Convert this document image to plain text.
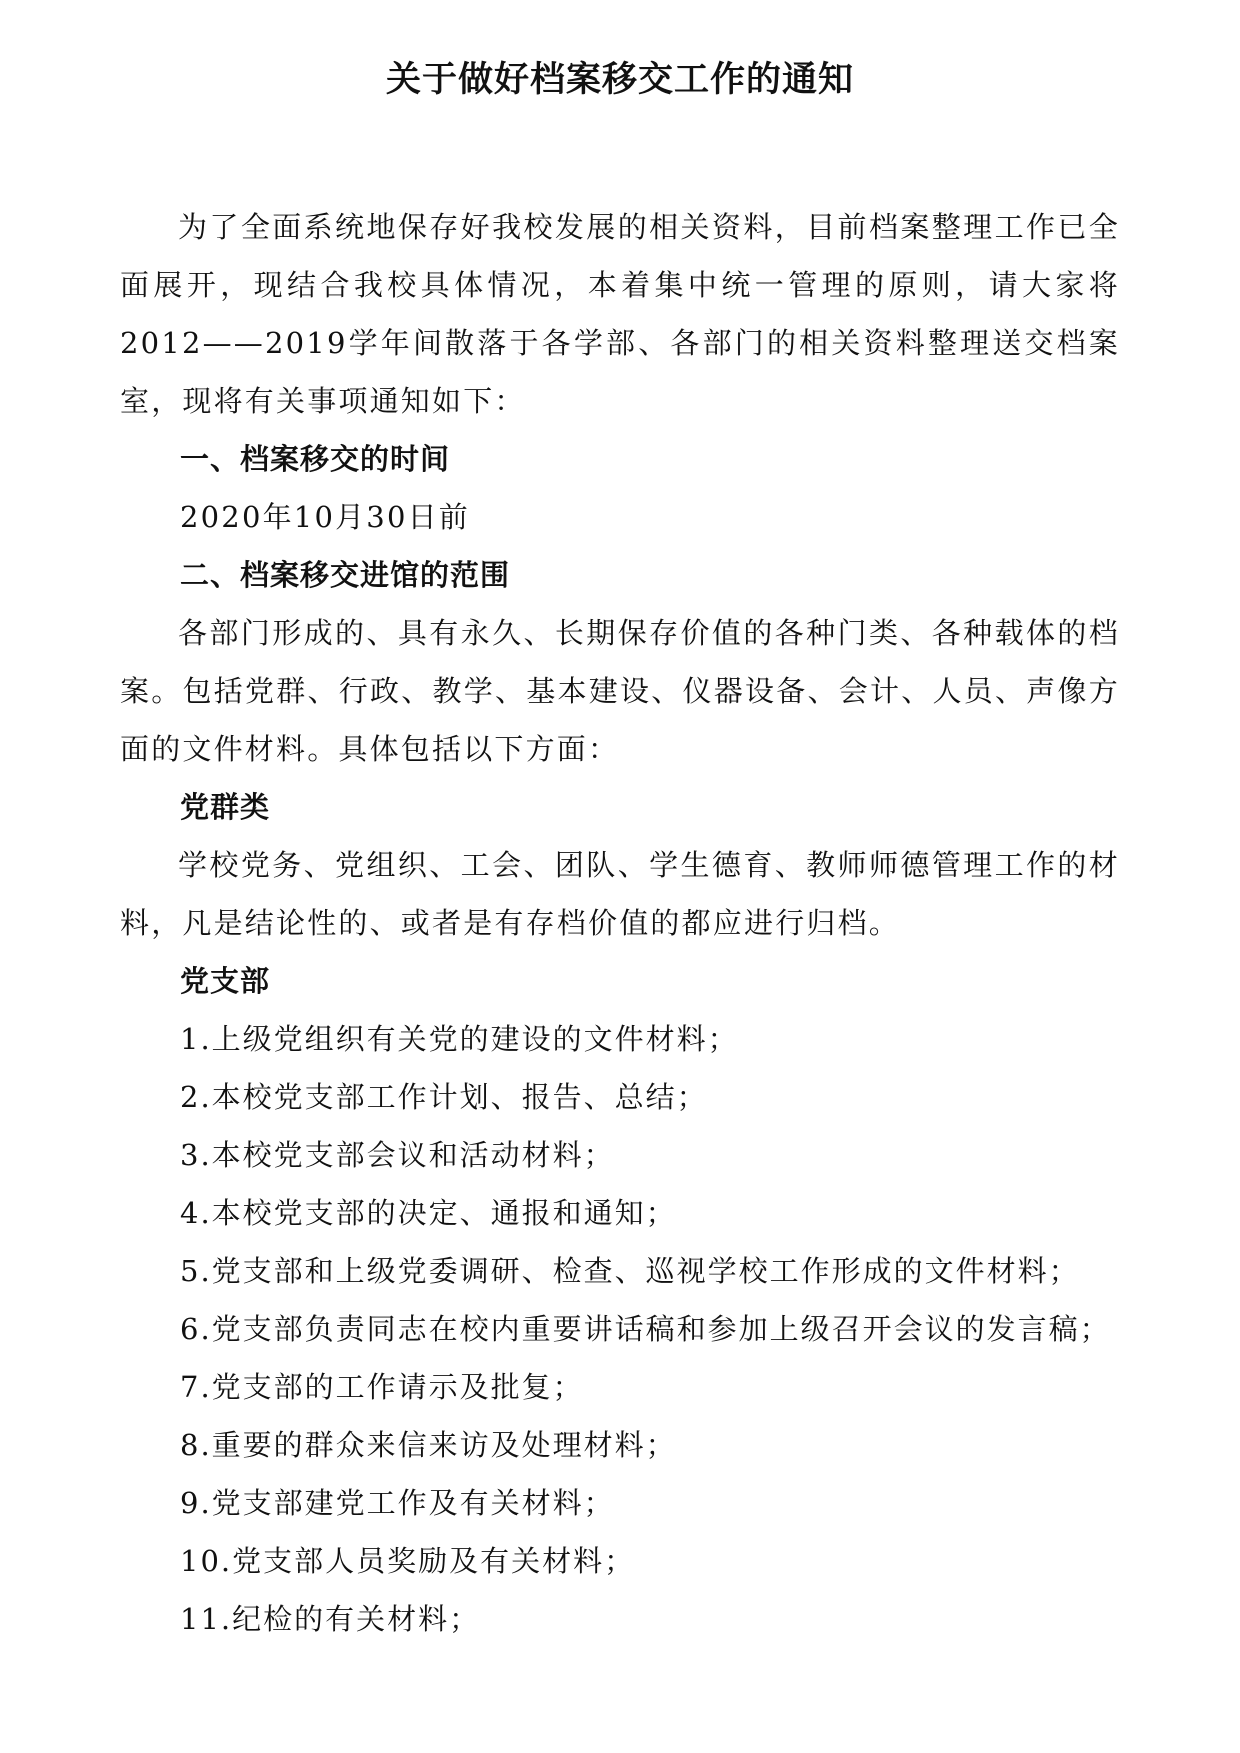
关于做好档案移交工作的通知
为了全面系统地保存好我校发展的相关资料，目前档案整理工作已全面展开，现结合我校具体情况，本着集中统一管理的原则，请大家将2012——2019学年间散落于各学部、各部门的相关资料整理送交档案室，现将有关事项通知如下：
一、档案移交的时间
2020年10月30日前
二、档案移交进馆的范围
各部门形成的、具有永久、长期保存价值的各种门类、各种载体的档案。包括党群、行政、教学、基本建设、仪器设备、会计、人员、声像方面的文件材料。具体包括以下方面：
党群类
学校党务、党组织、工会、团队、学生德育、教师师德管理工作的材料，凡是结论性的、或者是有存档价值的都应进行归档。
党支部
1.上级党组织有关党的建设的文件材料；
2.本校党支部工作计划、报告、总结；
3.本校党支部会议和活动材料；
4.本校党支部的决定、通报和通知；
5.党支部和上级党委调研、检查、巡视学校工作形成的文件材料；
6.党支部负责同志在校内重要讲话稿和参加上级召开会议的发言稿；
7.党支部的工作请示及批复；
8.重要的群众来信来访及处理材料；
9.党支部建党工作及有关材料；
10.党支部人员奖励及有关材料；
11.纪检的有关材料；
